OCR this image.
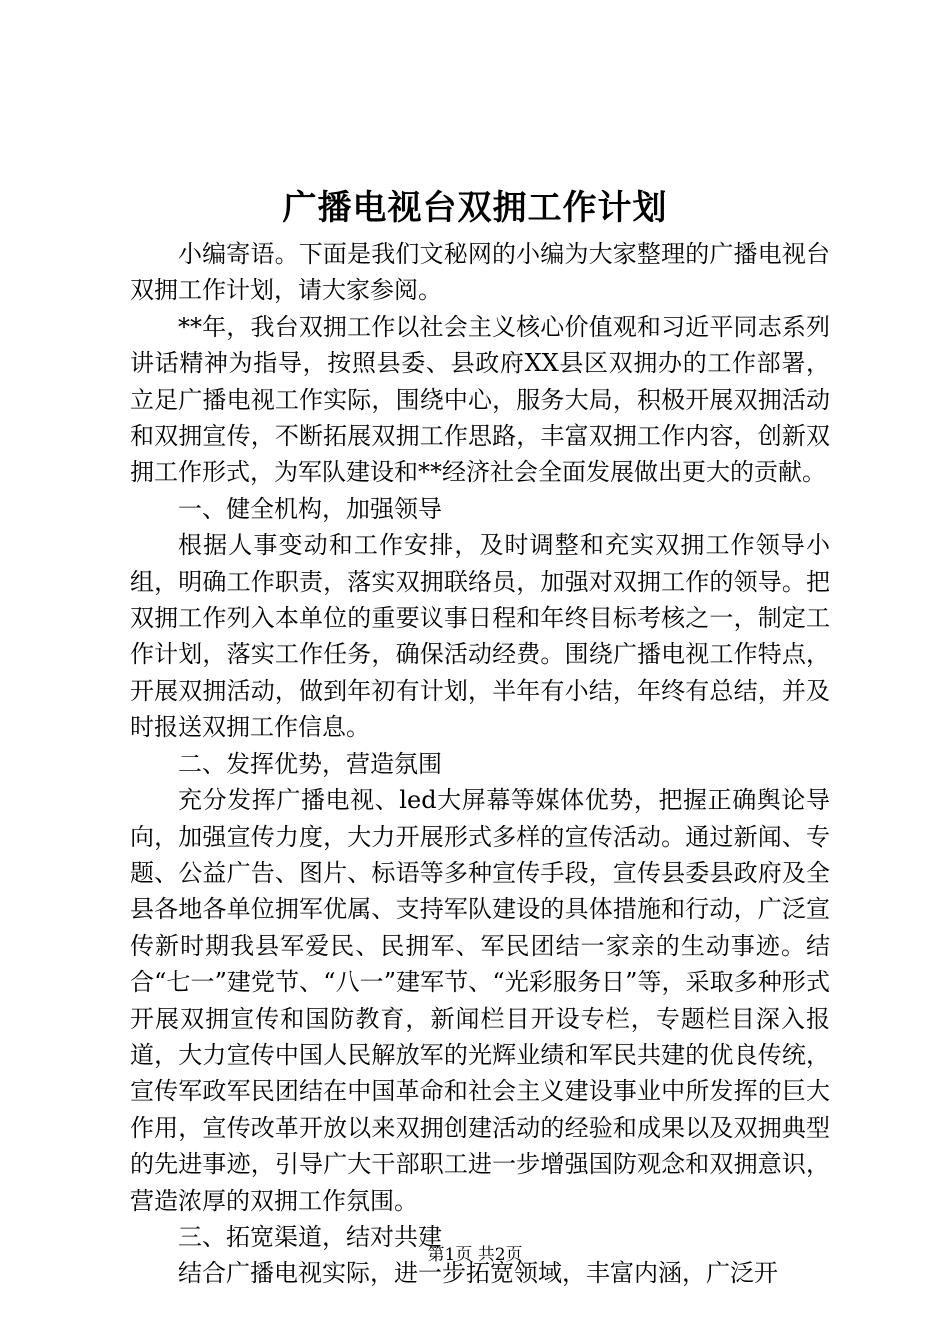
广播电视台双拥工作计划

小编寄语。下面是我们文秘网的小编为大家整理的广播电视台双拥工作计划，请大家参阅。

**年，我台双拥工作以社会主义核心价值观和习近平同志系列讲话精神为指导，按照县委、县政府XX县区双拥办的工作部署，立足广播电视工作实际，围绕中心，服务大局，积极开展双拥活动和双拥宣传，不断拓展双拥工作思路，丰富双拥工作内容，创新双拥工作形式，为军队建设和**经济社会全面发展做出更大的贡献。

一、健全机构，加强领导

根据人事变动和工作安排，及时调整和充实双拥工作领导小组，明确工作职责，落实双拥联络员，加强对双拥工作的领导。把双拥工作列入本单位的重要议事日程和年终目标考核之一，制定工作计划，落实工作任务，确保活动经费。围绕广播电视工作特点，开展双拥活动，做到年初有计划，半年有小结，年终有总结，并及时报送双拥工作信息。

二、发挥优势，营造氛围

充分发挥广播电视、led大屏幕等媒体优势，把握正确舆论导向，加强宣传力度，大力开展形式多样的宣传活动。通过新闻、专题、公益广告、图片、标语等多种宣传手段，宣传县委县政府及全县各地各单位拥军优属、支持军队建设的具体措施和行动，广泛宣传新时期我县军爱民、民拥军、军民团结一家亲的生动事迹。结合“七一”建党节、“八一”建军节、“光彩服务日”等，采取多种形式开展双拥宣传和国防教育，新闻栏目开设专栏，专题栏目深入报道，大力宣传中国人民解放军的光辉业绩和军民共建的优良传统，宣传军政军民团结在中国革命和社会主义建设事业中所发挥的巨大作用，宣传改革开放以来双拥创建活动的经验和成果以及双拥典型的先进事迹，引导广大干部职工进一步增强国防观念和双拥意识，营造浓厚的双拥工作氛围。

三、拓宽渠道，结对共建

结合广播电视实际，进一步拓宽领域，丰富内涵，广泛开

第1页 共2页
